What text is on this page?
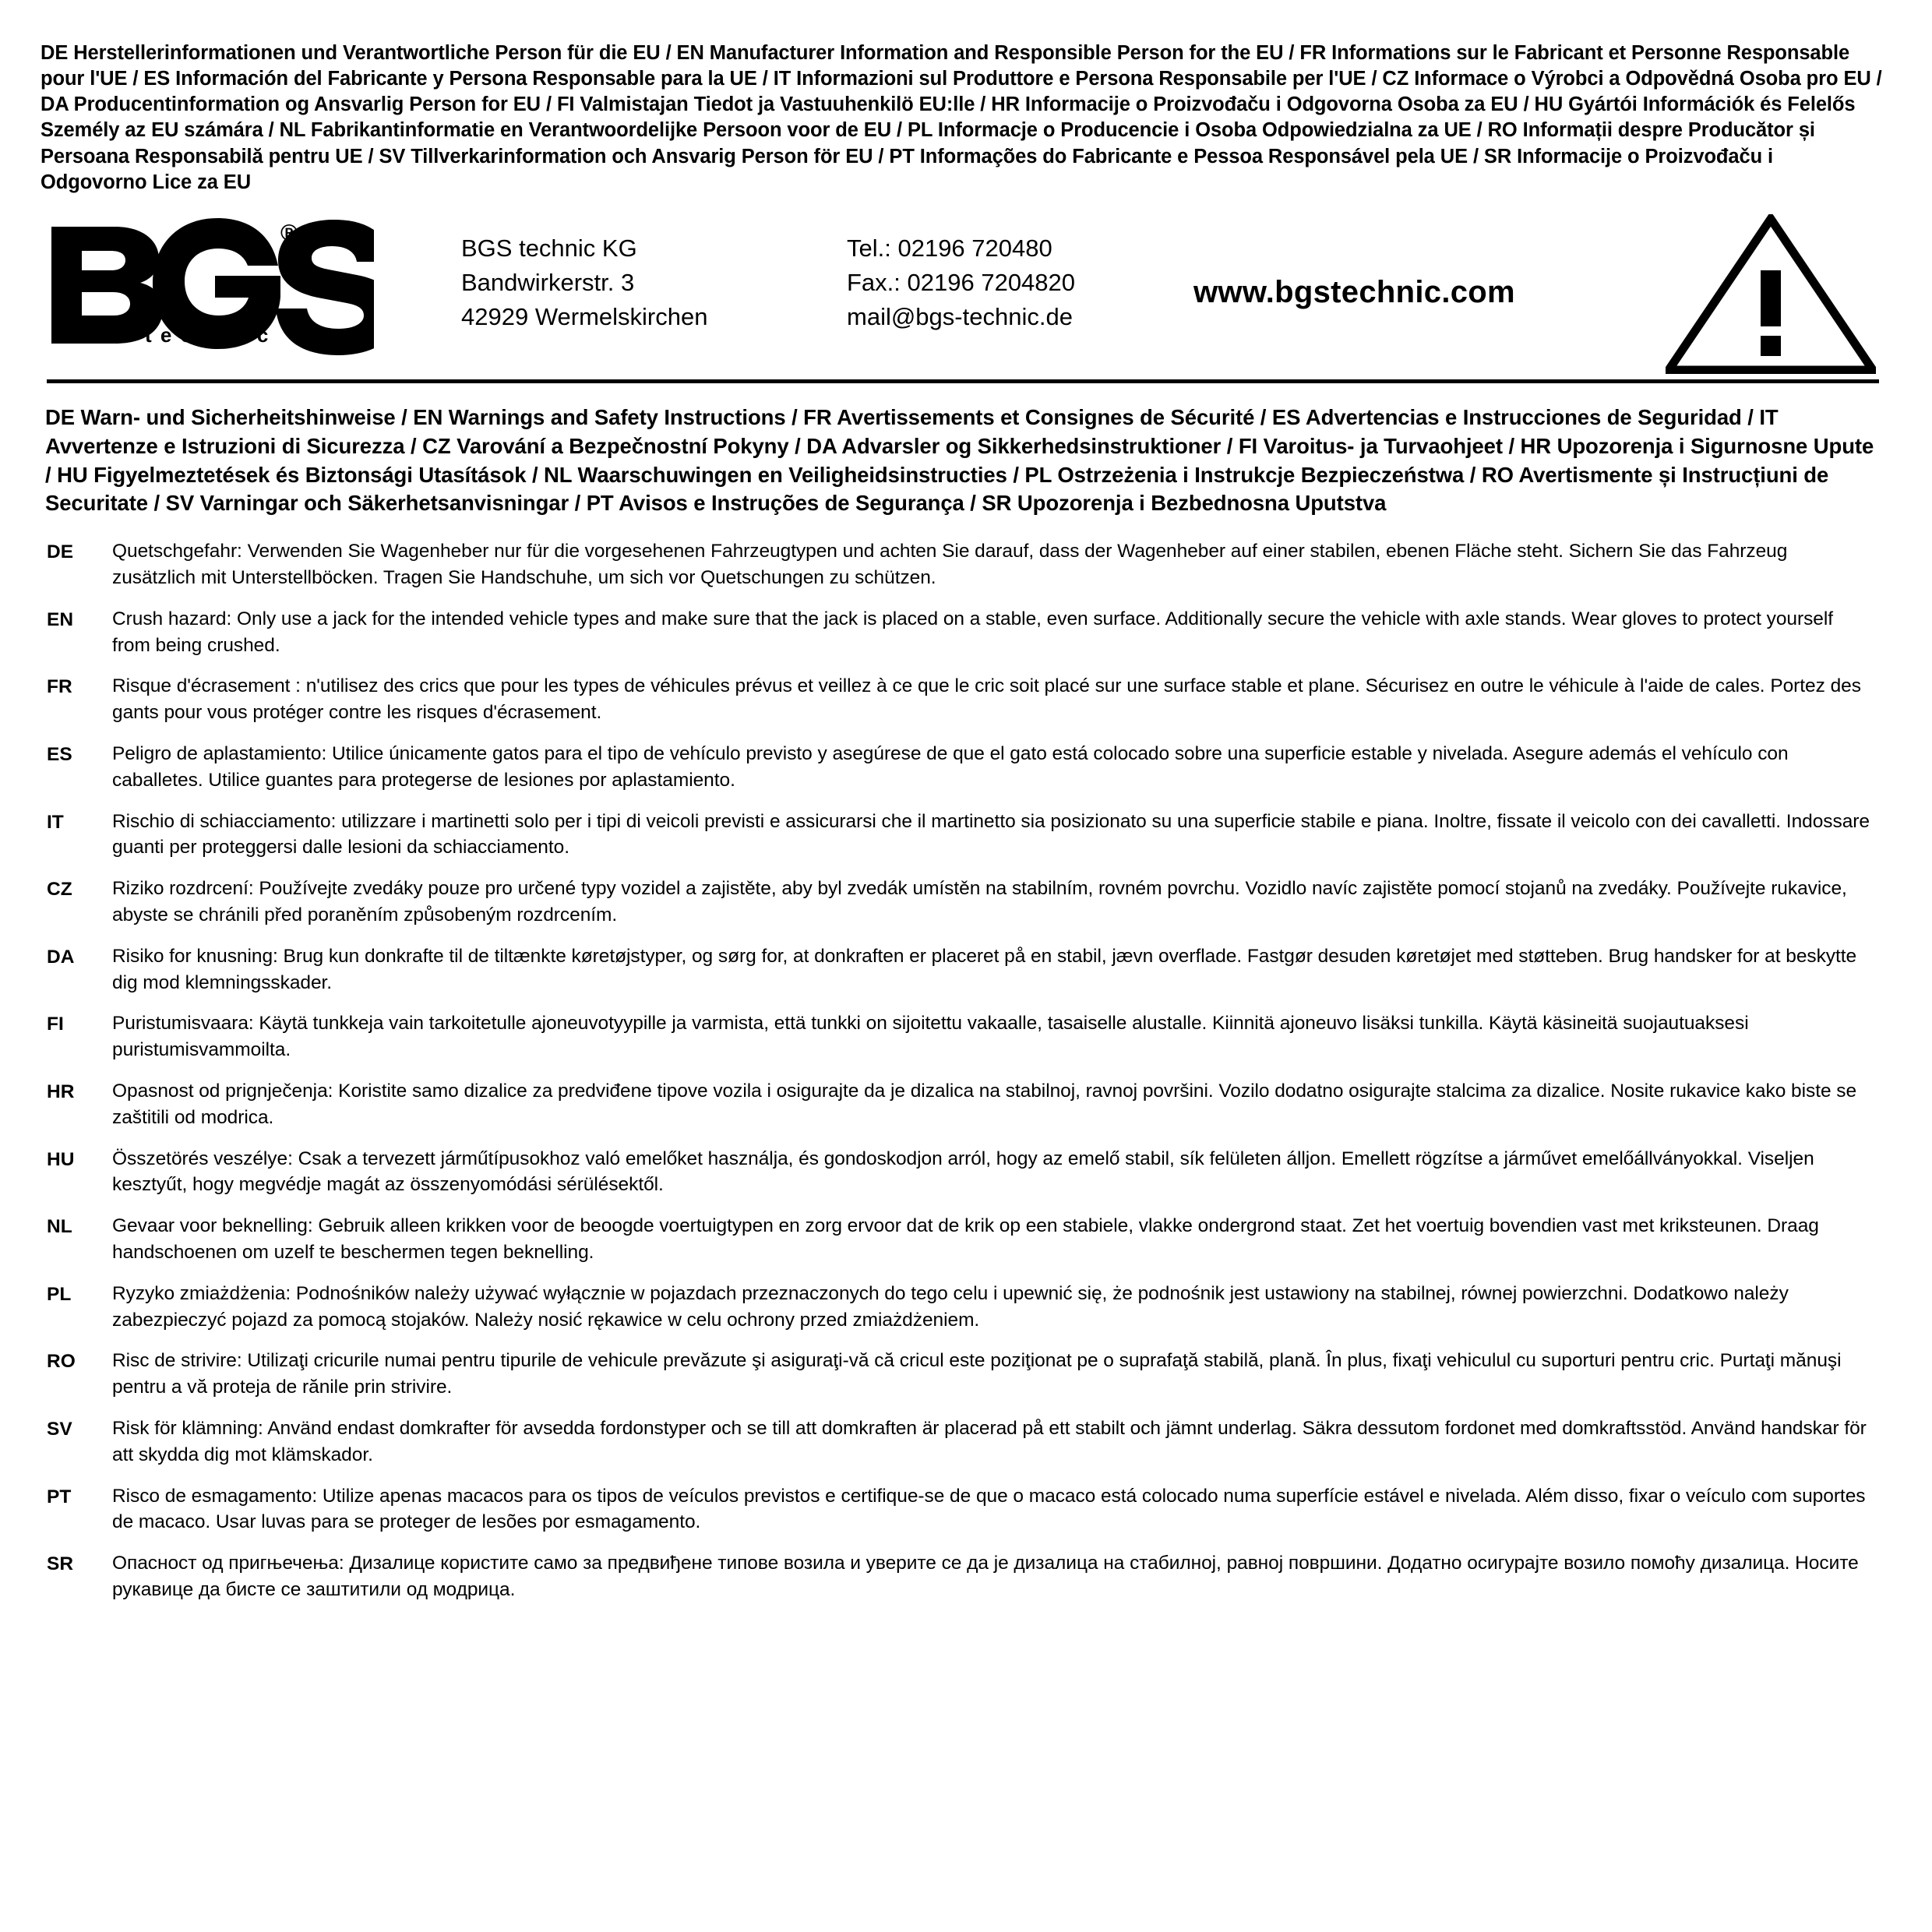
DE Herstellerinformationen und Verantwortliche Person für die EU / EN Manufacturer Information and Responsible Person for the EU / FR Informations sur le Fabricant et Personne Responsable pour l'UE / ES Información del Fabricante y Persona Responsable para la UE / IT Informazioni sul Produttore e Persona Responsabile per l'UE / CZ Informace o Výrobci a Odpovědná Osoba pro EU / DA Producentinformation og Ansvarlig Person for EU / FI Valmistajan Tiedot ja Vastuuhenkilö EU:lle / HR Informacije o Proizvođaču i Odgovorna Osoba za EU / HU Gyártói Információk és Felelős Személy az EU számára / NL Fabrikantinformatie en Verantwoordelijke Persoon voor de EU / PL Informacje o Producencie i Osoba Odpowiedzialna za UE / RO Informații despre Producător și Persoana Responsabilă pentru UE / SV Tillverkarinformation och Ansvarig Person för EU / PT Informações do Fabricante e Pessoa Responsável pela UE / SR Informacije o Proizvođaču i Odgovorno Lice za EU
®
t e c h n i c
BGS technic KG
Bandwirkerstr. 3
42929 Wermelskirchen
Tel.: 02196 720480
Fax.: 02196 7204820
mail@bgs-technic.de
www.bgstechnic.com
DE Warn- und Sicherheitshinweise / EN Warnings and Safety Instructions / FR Avertissements et Consignes de Sécurité / ES Advertencias e Instrucciones de Seguridad / IT Avvertenze e Istruzioni di Sicurezza / CZ Varování a Bezpečnostní Pokyny / DA Advarsler og Sikkerhedsinstruktioner / FI Varoitus- ja Turvaohjeet / HR Upozorenja i Sigurnosne Upute / HU Figyelmeztetések és Biztonsági Utasítások / NL Waarschuwingen en Veiligheidsinstructies / PL Ostrzeżenia i Instrukcje Bezpieczeństwa / RO Avertismente și Instrucțiuni de Securitate / SV Varningar och Säkerhetsanvisningar / PT Avisos e Instruções de Segurança / SR Upozorenja i Bezbednosna Uputstva
DE	Quetschgefahr: Verwenden Sie Wagenheber nur für die vorgesehenen Fahrzeugtypen und achten Sie darauf, dass der Wagenheber auf einer stabilen, ebenen Fläche steht. Sichern Sie das Fahrzeug zusätzlich mit Unterstellböcken. Tragen Sie Handschuhe, um sich vor Quetschungen zu schützen.
EN	Crush hazard: Only use a jack for the intended vehicle types and make sure that the jack is placed on a stable, even surface. Additionally secure the vehicle with axle stands. Wear gloves to protect yourself from being crushed.
FR	Risque d'écrasement : n'utilisez des crics que pour les types de véhicules prévus et veillez à ce que le cric soit placé sur une surface stable et plane. Sécurisez en outre le véhicule à l'aide de cales. Portez des gants pour vous protéger contre les risques d'écrasement.
ES	Peligro de aplastamiento: Utilice únicamente gatos para el tipo de vehículo previsto y asegúrese de que el gato está colocado sobre una superficie estable y nivelada. Asegure además el vehículo con caballetes. Utilice guantes para protegerse de lesiones por aplastamiento.
IT	Rischio di schiacciamento: utilizzare i martinetti solo per i tipi di veicoli previsti e assicurarsi che il martinetto sia posizionato su una superficie stabile e piana. Inoltre, fissate il veicolo con dei cavalletti. Indossare guanti per proteggersi dalle lesioni da schiacciamento.
CZ	Riziko rozdrcení: Používejte zvedáky pouze pro určené typy vozidel a zajistěte, aby byl zvedák umístěn na stabilním, rovném povrchu. Vozidlo navíc zajistěte pomocí stojanů na zvedáky. Používejte rukavice, abyste se chránili před poraněním způsobeným rozdrcením.
DA	Risiko for knusning: Brug kun donkrafte til de tiltænkte køretøjstyper, og sørg for, at donkraften er placeret på en stabil, jævn overflade. Fastgør desuden køretøjet med støtteben. Brug handsker for at beskytte dig mod klemningsskader.
FI	Puristumisvaara: Käytä tunkkeja vain tarkoitetulle ajoneuvotyypille ja varmista, että tunkki on sijoitettu vakaalle, tasaiselle alustalle. Kiinnitä ajoneuvo lisäksi tunkilla. Käytä käsineitä suojautuaksesi puristumisvammoilta.
HR	Opasnost od prignječenja: Koristite samo dizalice za predviđene tipove vozila i osigurajte da je dizalica na stabilnoj, ravnoj površini. Vozilo dodatno osigurajte stalcima za dizalice. Nosite rukavice kako biste se zaštitili od modrica.
HU	Összetörés veszélye: Csak a tervezett járműtípusokhoz való emelőket használja, és gondoskodjon arról, hogy az emelő stabil, sík felületen álljon. Emellett rögzítse a járművet emelőállványokkal. Viseljen kesztyűt, hogy megvédje magát az összenyomódási sérülésektől.
NL	Gevaar voor beknelling: Gebruik alleen krikken voor de beoogde voertuigtypen en zorg ervoor dat de krik op een stabiele, vlakke ondergrond staat. Zet het voertuig bovendien vast met kriksteunen. Draag handschoenen om uzelf te beschermen tegen beknelling.
PL	Ryzyko zmiażdżenia: Podnośników należy używać wyłącznie w pojazdach przeznaczonych do tego celu i upewnić się, że podnośnik jest ustawiony na stabilnej, równej powierzchni. Dodatkowo należy zabezpieczyć pojazd za pomocą stojaków. Należy nosić rękawice w celu ochrony przed zmiażdżeniem.
RO	Risc de strivire: Utilizaţi cricurile numai pentru tipurile de vehicule prevăzute şi asiguraţi-vă că cricul este poziţionat pe o suprafaţă stabilă, plană. În plus, fixaţi vehiculul cu suporturi pentru cric. Purtaţi mănuşi pentru a vă proteja de rănile prin strivire.
SV	Risk för klämning: Använd endast domkrafter för avsedda fordonstyper och se till att domkraften är placerad på ett stabilt och jämnt underlag. Säkra dessutom fordonet med domkraftsstöd. Använd handskar för att skydda dig mot klämskador.
PT	Risco de esmagamento: Utilize apenas macacos para os tipos de veículos previstos e certifique-se de que o macaco está colocado numa superfície estável e nivelada. Além disso, fixar o veículo com suportes de macaco. Usar luvas para se proteger de lesões por esmagamento.
SR	Опасност од пригњечења: Дизалице користите само за предвиђене типове возила и уверите се да је дизалица на стабилној, равној површини. Додатно осигурајте возило помоћу дизалица. Носите рукавице да бисте се заштитили од модрица.
